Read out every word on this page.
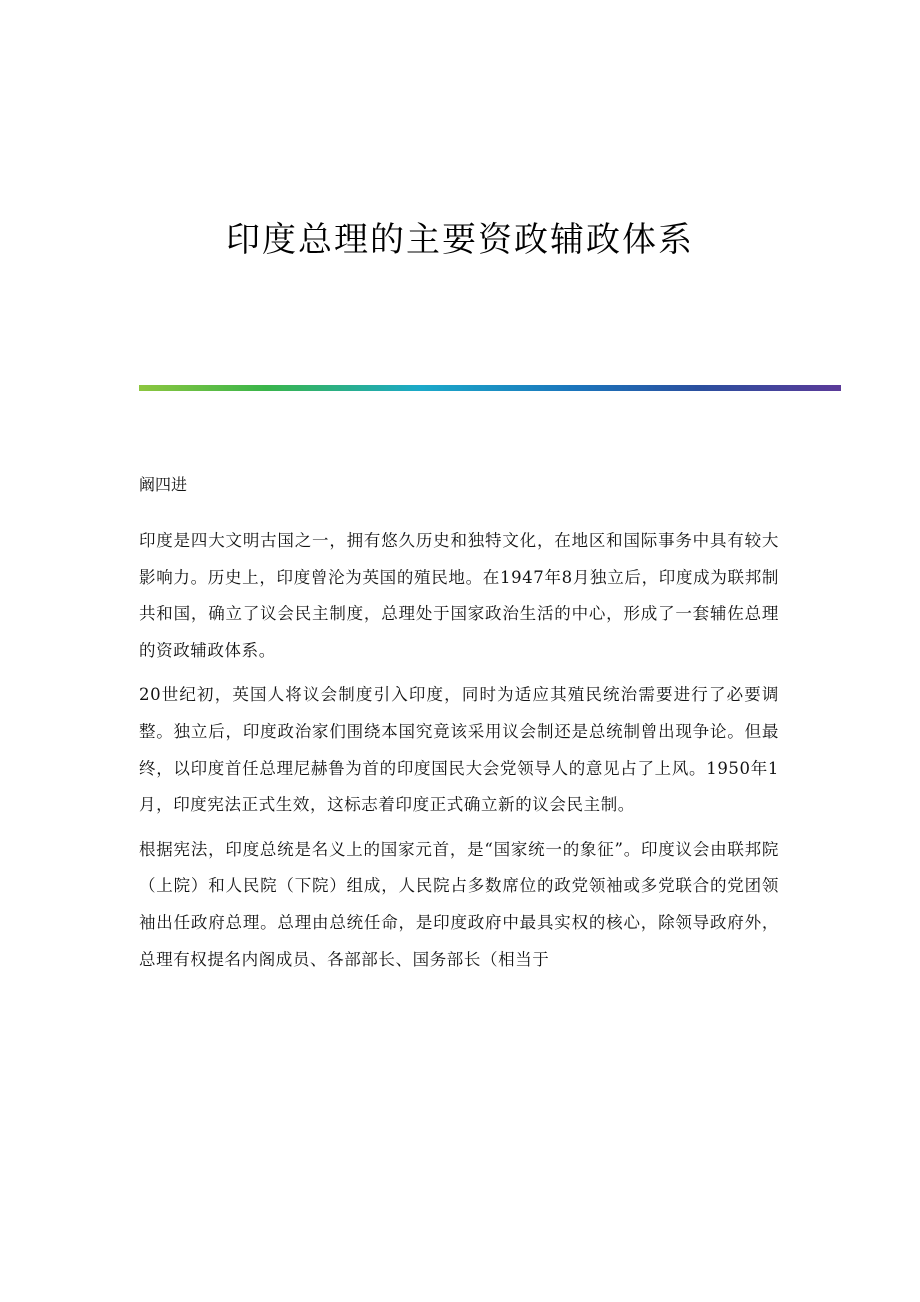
印度总理的主要资政辅政体系

阚四进

印度是四大文明古国之一，拥有悠久历史和独特文化，在地区和国际事务中具有较大影响力。历史上，印度曾沦为英国的殖民地。在1947年8月独立后，印度成为联邦制共和国，确立了议会民主制度，总理处于国家政治生活的中心，形成了一套辅佐总理的资政辅政体系。

20世纪初，英国人将议会制度引入印度，同时为适应其殖民统治需要进行了必要调整。独立后，印度政治家们围绕本国究竟该采用议会制还是总统制曾出现争论。但最终，以印度首任总理尼赫鲁为首的印度国民大会党领导人的意见占了上风。1950年1月，印度宪法正式生效，这标志着印度正式确立新的议会民主制。

根据宪法，印度总统是名义上的国家元首，是“国家统一的象征”。印度议会由联邦院（上院）和人民院（下院）组成，人民院占多数席位的政党领袖或多党联合的党团领袖出任政府总理。总理由总统任命，是印度政府中最具实权的核心，除领导政府外，总理有权提名内阁成员、各部部长、国务部长（相当于
